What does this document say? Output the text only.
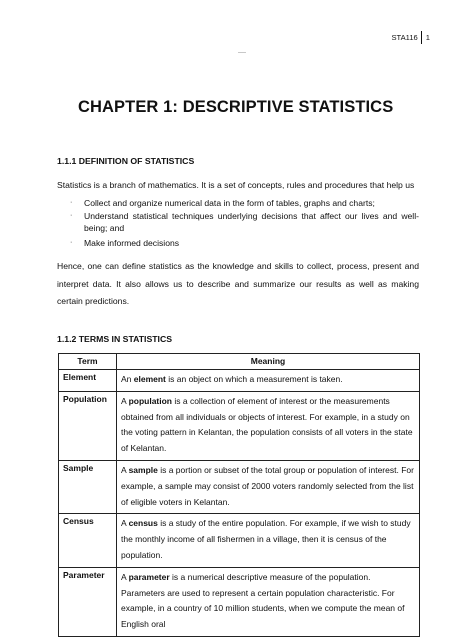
STA116 1
CHAPTER 1: DESCRIPTIVE STATISTICS
1.1.1 DEFINITION OF STATISTICS
Statistics is a branch of mathematics. It is a set of concepts, rules and procedures that help us
· Collect and organize numerical data in the form of tables, graphs and charts;
· Understand statistical techniques underlying decisions that affect our lives and well-being; and
· Make informed decisions
Hence, one can define statistics as the knowledge and skills to collect, process, present and interpret data. It also allows us to describe and summarize our results as well as making certain predictions.
1.1.2 TERMS IN STATISTICS
Term	Meaning
Element	An element is an object on which a measurement is taken.
Population	A population is a collection of element of interest or the measurements obtained from all individuals or objects of interest. For example, in a study on the voting pattern in Kelantan, the population consists of all voters in the state of Kelantan.
Sample	A sample is a portion or subset of the total group or population of interest. For example, a sample may consist of 2000 voters randomly selected from the list of eligible voters in Kelantan.
Census	A census is a study of the entire population. For example, if we wish to study the monthly income of all fishermen in a village, then it is census of the population.
Parameter	A parameter is a numerical descriptive measure of the population. Parameters are used to represent a certain population characteristic. For example, in a country of 10 million students, when we compute the mean of English oral
